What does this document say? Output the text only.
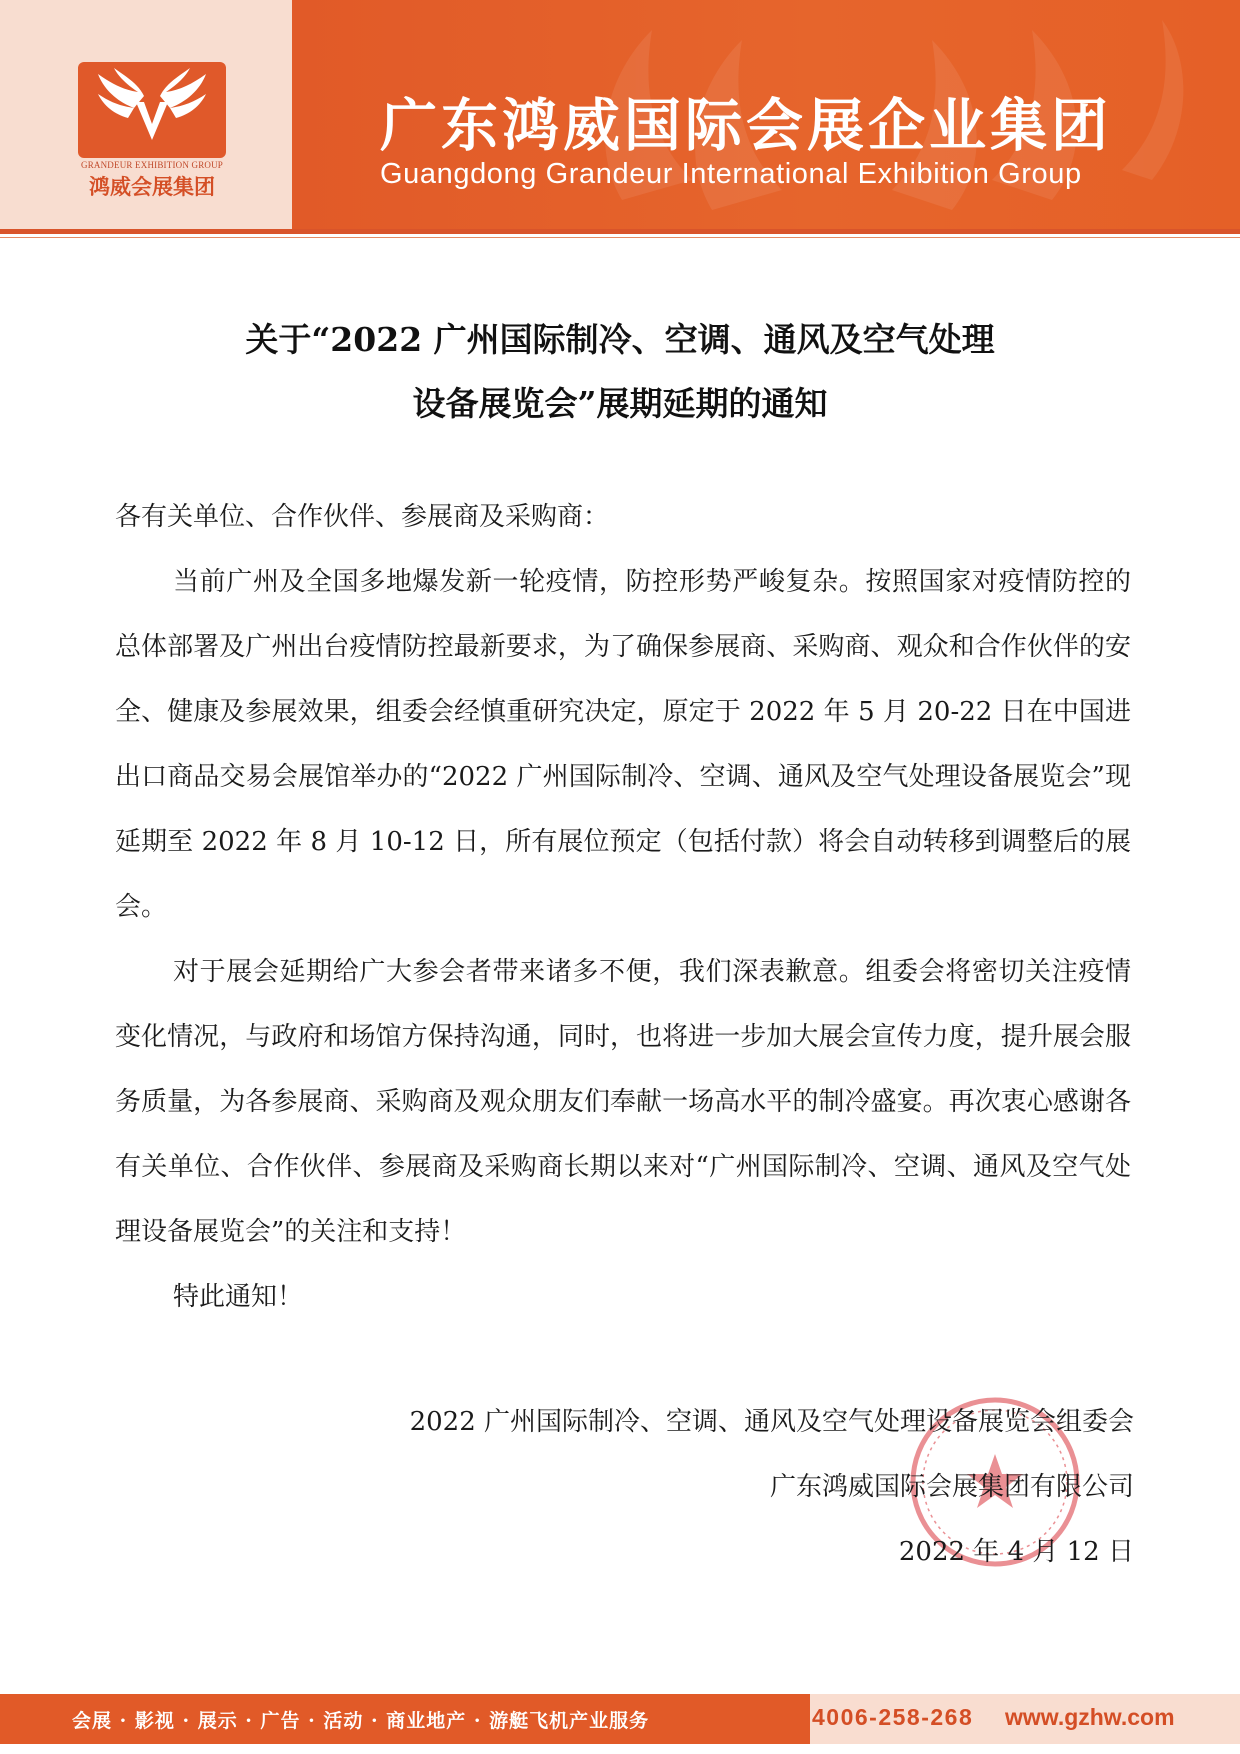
GRANDEUR EXHIBITION GROUP
鸿威会展集团
广东鸿威国际会展企业集团
Guangdong Grandeur International Exhibition Group
关于“2022 广州国际制冷、空调、通风及空气处理
设备展览会”展期延期的通知

各有关单位、合作伙伴、参展商及采购商：

当前广州及全国多地爆发新一轮疫情，防控形势严峻复杂。按照国家对疫情防控的总体部署及广州出台疫情防控最新要求，为了确保参展商、采购商、观众和合作伙伴的安全、健康及参展效果，组委会经慎重研究决定，原定于 2022 年 5 月 20-22 日在中国进出口商品交易会展馆举办的“2022 广州国际制冷、空调、通风及空气处理设备展览会”现延期至 2022 年 8 月 10-12 日，所有展位预定（包括付款）将会自动转移到调整后的展会。

对于展会延期给广大参会者带来诸多不便，我们深表歉意。组委会将密切关注疫情变化情况，与政府和场馆方保持沟通，同时，也将进一步加大展会宣传力度，提升展会服务质量，为各参展商、采购商及观众朋友们奉献一场高水平的制冷盛宴。再次衷心感谢各有关单位、合作伙伴、参展商及采购商长期以来对“广州国际制冷、空调、通风及空气处理设备展览会”的关注和支持！

特此通知！

2022 广州国际制冷、空调、通风及空气处理设备展览会组委会
广东鸿威国际会展集团有限公司
2022 年 4 月 12 日
会展 · 影视 · 展示 · 广告 · 活动 · 商业地产 · 游艇飞机产业服务	4006-258-268 www.gzhw.com
